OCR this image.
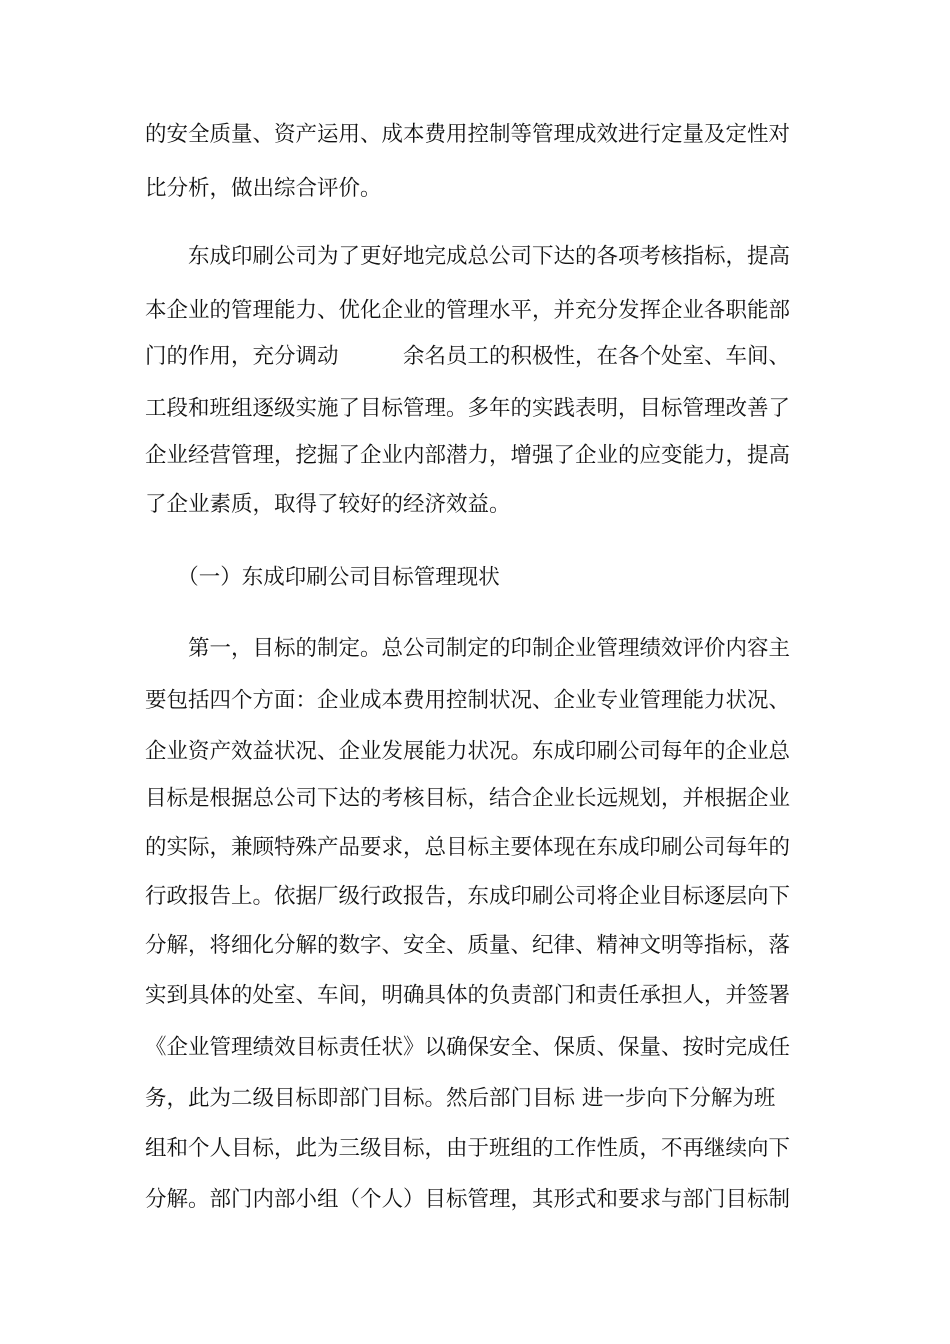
的安全质量、资产运用、成本费用控制等管理成效进行定量及定性对
比分析，做出综合评价。
　　东成印刷公司为了更好地完成总公司下达的各项考核指标，提高
本企业的管理能力、优化企业的管理水平，并充分发挥企业各职能部
门的作用，充分调动　　　余名员工的积极性，在各个处室、车间、
工段和班组逐级实施了目标管理。多年的实践表明，目标管理改善了
企业经营管理，挖掘了企业内部潜力，增强了企业的应变能力，提高
了企业素质，取得了较好的经济效益。
　　（一）东成印刷公司目标管理现状
　　第一，目标的制定。总公司制定的印制企业管理绩效评价内容主
要包括四个方面：企业成本费用控制状况、企业专业管理能力状况、
企业资产效益状况、企业发展能力状况。东成印刷公司每年的企业总
目标是根据总公司下达的考核目标，结合企业长远规划，并根据企业
的实际，兼顾特殊产品要求，总目标主要体现在东成印刷公司每年的
行政报告上。依据厂级行政报告，东成印刷公司将企业目标逐层向下
分解，将细化分解的数字、安全、质量、纪律、精神文明等指标，落
实到具体的处室、车间，明确具体的负责部门和责任承担人，并签署
《企业管理绩效目标责任状》以确保安全、保质、保量、按时完成任
务，此为二级目标即部门目标。然后部门目标 进一步向下分解为班
组和个人目标，此为三级目标，由于班组的工作性质，不再继续向下
分解。部门内部小组（个人）目标管理，其形式和要求与部门目标制
